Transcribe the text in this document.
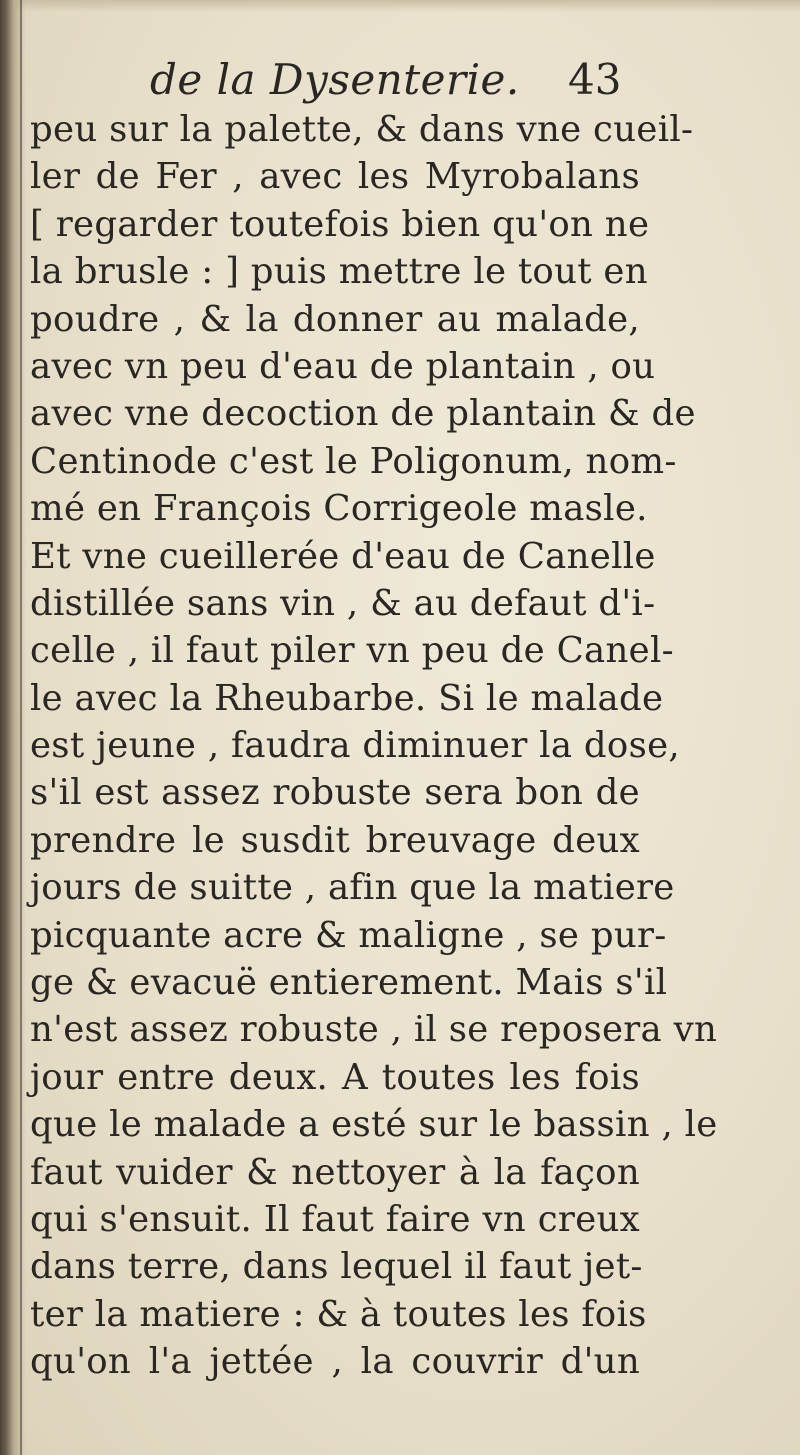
de la Dysenterie. 43
peu sur la palette, & dans vne cueil-
ler de Fer , avec les Myrobalans
[ regarder toutefois bien qu'on ne
la brusle : ] puis mettre le tout en
poudre , & la donner au malade,
avec vn peu d'eau de plantain , ou
avec vne decoction de plantain & de
Centinode c'est le Poligonum, nom-
mé en François Corrigeole masle.
Et vne cueillerée d'eau de Canelle
distillée sans vin , & au defaut d'i-
celle , il faut piler vn peu de Canel-
le avec la Rheubarbe. Si le malade
est jeune , faudra diminuer la dose,
s'il est assez robuste sera bon de
prendre le susdit breuvage deux
jours de suitte , afin que la matiere
picquante acre & maligne , se pur-
ge & evacuë entierement. Mais s'il
n'est assez robuste , il se reposera vn
jour entre deux. A toutes les fois
que le malade a esté sur le bassin , le
faut vuider & nettoyer à la façon
qui s'ensuit. Il faut faire vn creux
dans terre, dans lequel il faut jet-
ter la matiere : & à toutes les fois
qu'on l'a jettée , la couvrir d'un
